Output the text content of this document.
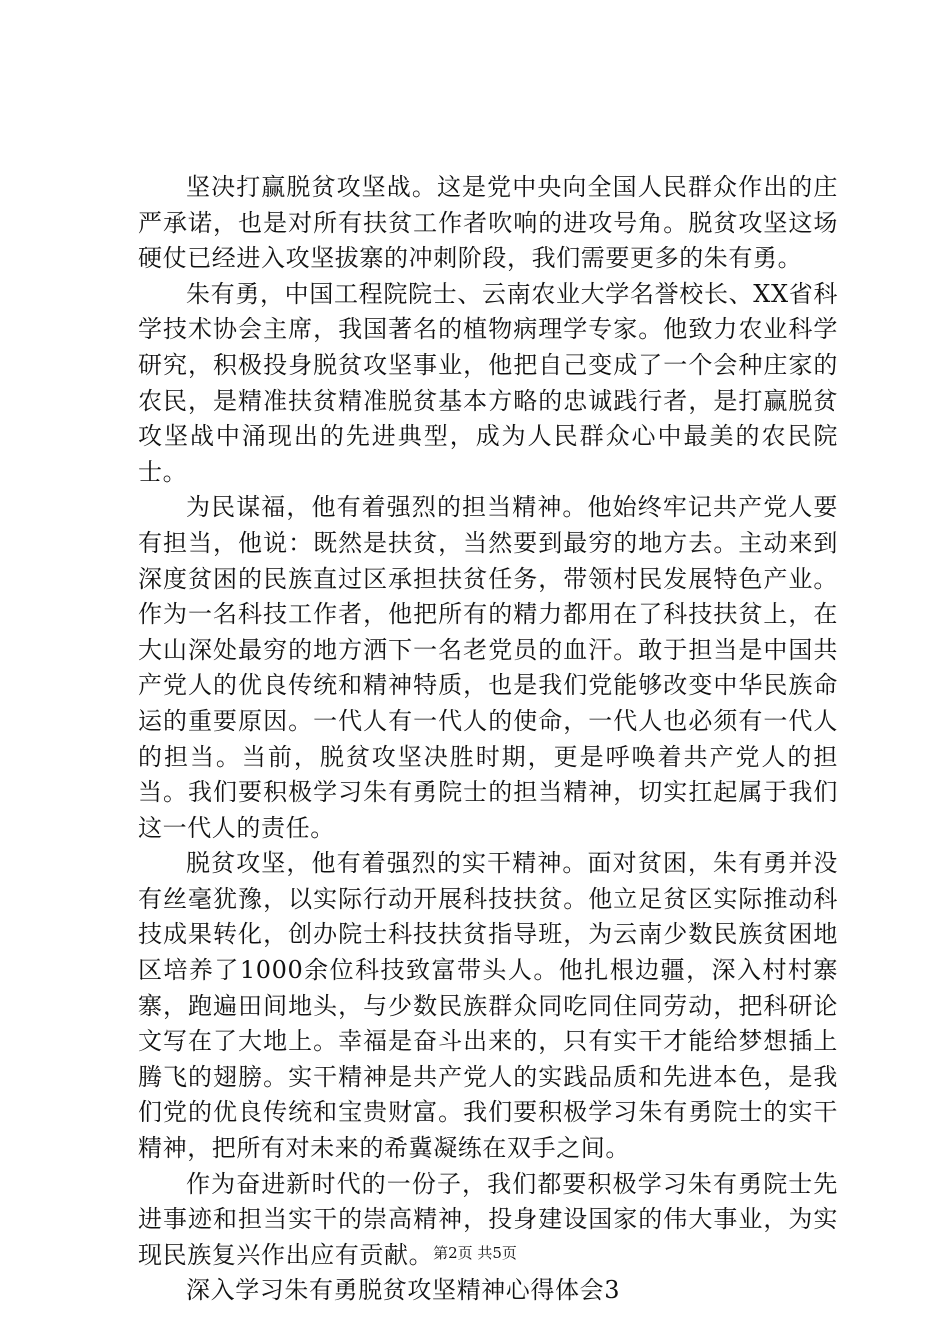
坚决打赢脱贫攻坚战。这是党中央向全国人民群众作出的庄严承诺，也是对所有扶贫工作者吹响的进攻号角。脱贫攻坚这场硬仗已经进入攻坚拔寨的冲刺阶段，我们需要更多的朱有勇。

朱有勇，中国工程院院士、云南农业大学名誉校长、XX省科学技术协会主席，我国著名的植物病理学专家。他致力农业科学研究，积极投身脱贫攻坚事业，他把自己变成了一个会种庄家的农民，是精准扶贫精准脱贫基本方略的忠诚践行者，是打赢脱贫攻坚战中涌现出的先进典型，成为人民群众心中最美的农民院士。

为民谋福，他有着强烈的担当精神。他始终牢记共产党人要有担当，他说：既然是扶贫，当然要到最穷的地方去。主动来到深度贫困的民族直过区承担扶贫任务，带领村民发展特色产业。作为一名科技工作者，他把所有的精力都用在了科技扶贫上，在大山深处最穷的地方洒下一名老党员的血汗。敢于担当是中国共产党人的优良传统和精神特质，也是我们党能够改变中华民族命运的重要原因。一代人有一代人的使命，一代人也必须有一代人的担当。当前，脱贫攻坚决胜时期，更是呼唤着共产党人的担当。我们要积极学习朱有勇院士的担当精神，切实扛起属于我们这一代人的责任。

脱贫攻坚，他有着强烈的实干精神。面对贫困，朱有勇并没有丝毫犹豫，以实际行动开展科技扶贫。他立足贫区实际推动科技成果转化，创办院士科技扶贫指导班，为云南少数民族贫困地区培养了1000余位科技致富带头人。他扎根边疆，深入村村寨寨，跑遍田间地头，与少数民族群众同吃同住同劳动，把科研论文写在了大地上。幸福是奋斗出来的，只有实干才能给梦想插上腾飞的翅膀。实干精神是共产党人的实践品质和先进本色，是我们党的优良传统和宝贵财富。我们要积极学习朱有勇院士的实干精神，把所有对未来的希冀凝练在双手之间。

作为奋进新时代的一份子，我们都要积极学习朱有勇院士先进事迹和担当实干的崇高精神，投身建设国家的伟大事业，为实现民族复兴作出应有贡献。

深入学习朱有勇脱贫攻坚精神心得体会3

第2页 共5页
